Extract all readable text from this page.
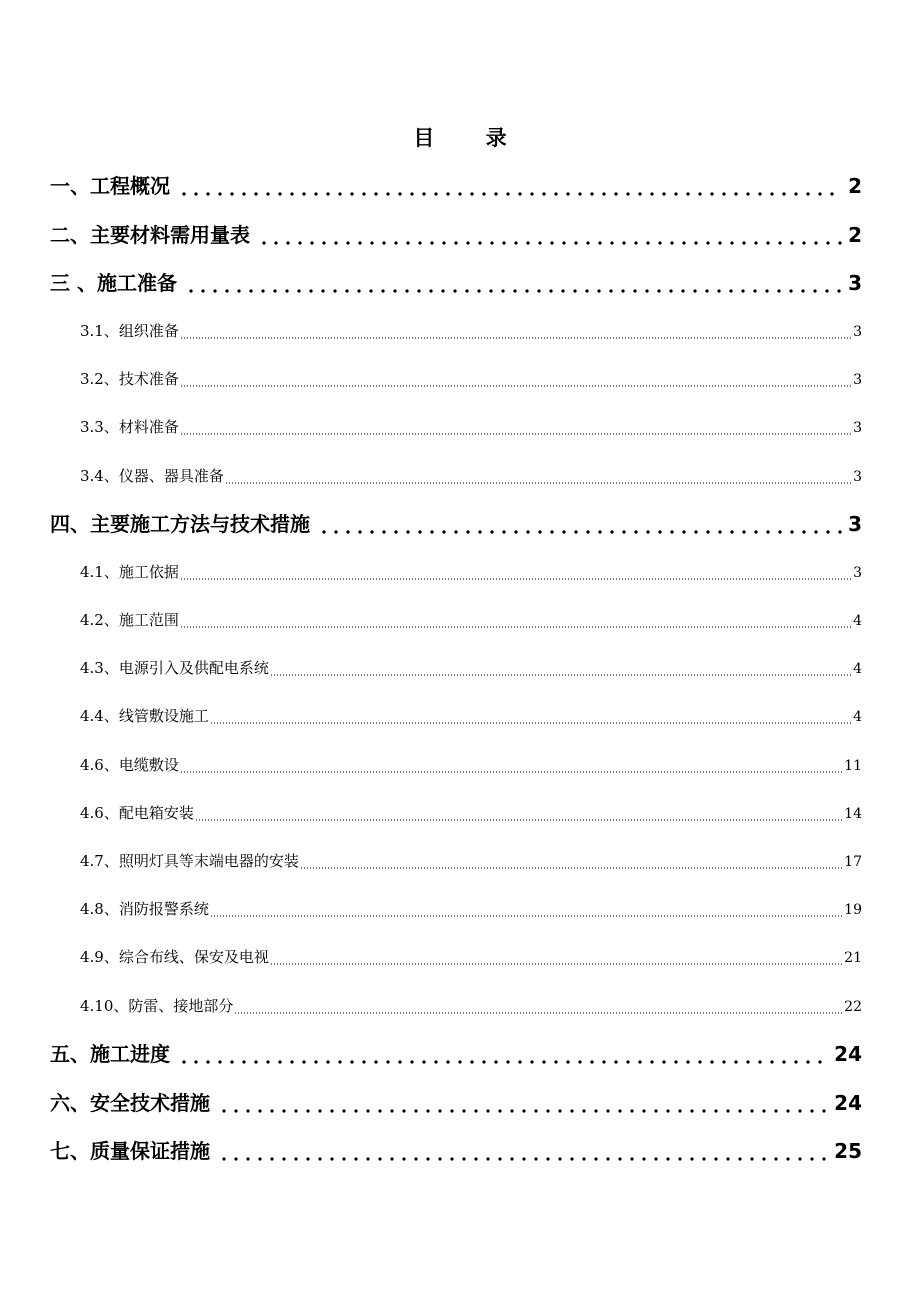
目 录
一、工程概况	2
二、主要材料需用量表	2
三 、施工准备	3
3.1、组织准备	3
3.2、技术准备	3
3.3、材料准备	3
3.4、仪器、器具准备	3
四、主要施工方法与技术措施	3
4.1、施工依据	3
4.2、施工范围	4
4.3、电源引入及供配电系统	4
4.4、线管敷设施工	4
4.6、电缆敷设	11
4.6、配电箱安装	14
4.7、照明灯具等末端电器的安装	17
4.8、消防报警系统	19
4.9、综合布线、保安及电视	21
4.10、防雷、接地部分	22
五、施工进度	24
六、安全技术措施	24
七、质量保证措施	25
